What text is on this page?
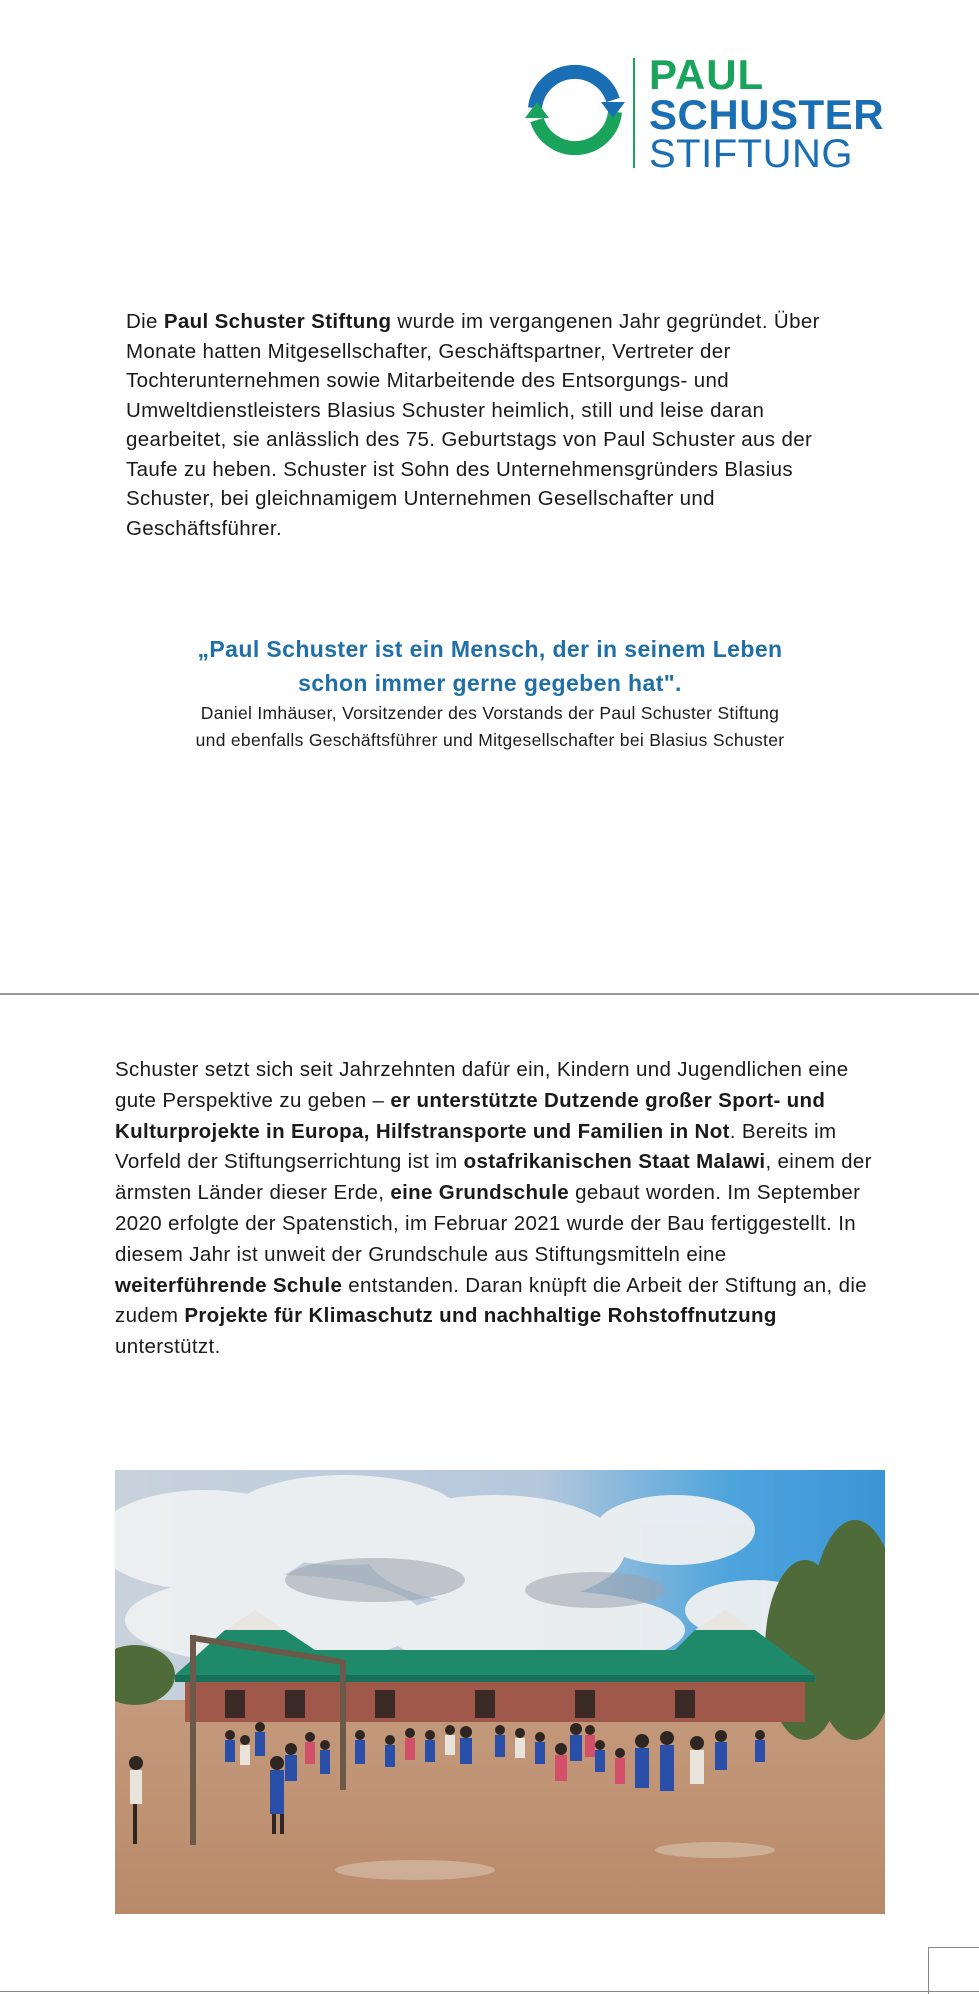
PAUL
SCHUSTER
STIFTUNG

Die Paul Schuster Stiftung wurde im vergangenen Jahr gegründet. Über Monate hatten Mitgesellschafter, Geschäftspartner, Vertreter der Tochterunternehmen sowie Mitarbeitende des Entsorgungs- und Umweltdienstleisters Blasius Schuster heimlich, still und leise daran gearbeitet, sie anlässlich des 75. Geburtstags von Paul Schuster aus der Taufe zu heben. Schuster ist Sohn des Unternehmensgründers Blasius Schuster, bei gleichnamigem Unternehmen Gesellschafter und Geschäftsführer.

„Paul Schuster ist ein Mensch, der in seinem Leben
schon immer gerne gegeben hat".
Daniel Imhäuser, Vorsitzender des Vorstands der Paul Schuster Stiftung
und ebenfalls Geschäftsführer und Mitgesellschafter bei Blasius Schuster

Schuster setzt sich seit Jahrzehnten dafür ein, Kindern und Jugendlichen eine gute Perspektive zu geben – er unterstützte Dutzende großer Sport- und Kulturprojekte in Europa, Hilfstransporte und Familien in Not. Bereits im Vorfeld der Stiftungserrichtung ist im ostafrikanischen Staat Malawi, einem der ärmsten Länder dieser Erde, eine Grundschule gebaut worden. Im September 2020 erfolgte der Spatenstich, im Februar 2021 wurde der Bau fertiggestellt. In diesem Jahr ist unweit der Grundschule aus Stiftungsmitteln eine weiterführende Schule entstanden. Daran knüpft die Arbeit der Stiftung an, die zudem Projekte für Klimaschutz und nachhaltige Rohstoffnutzung unterstützt.
